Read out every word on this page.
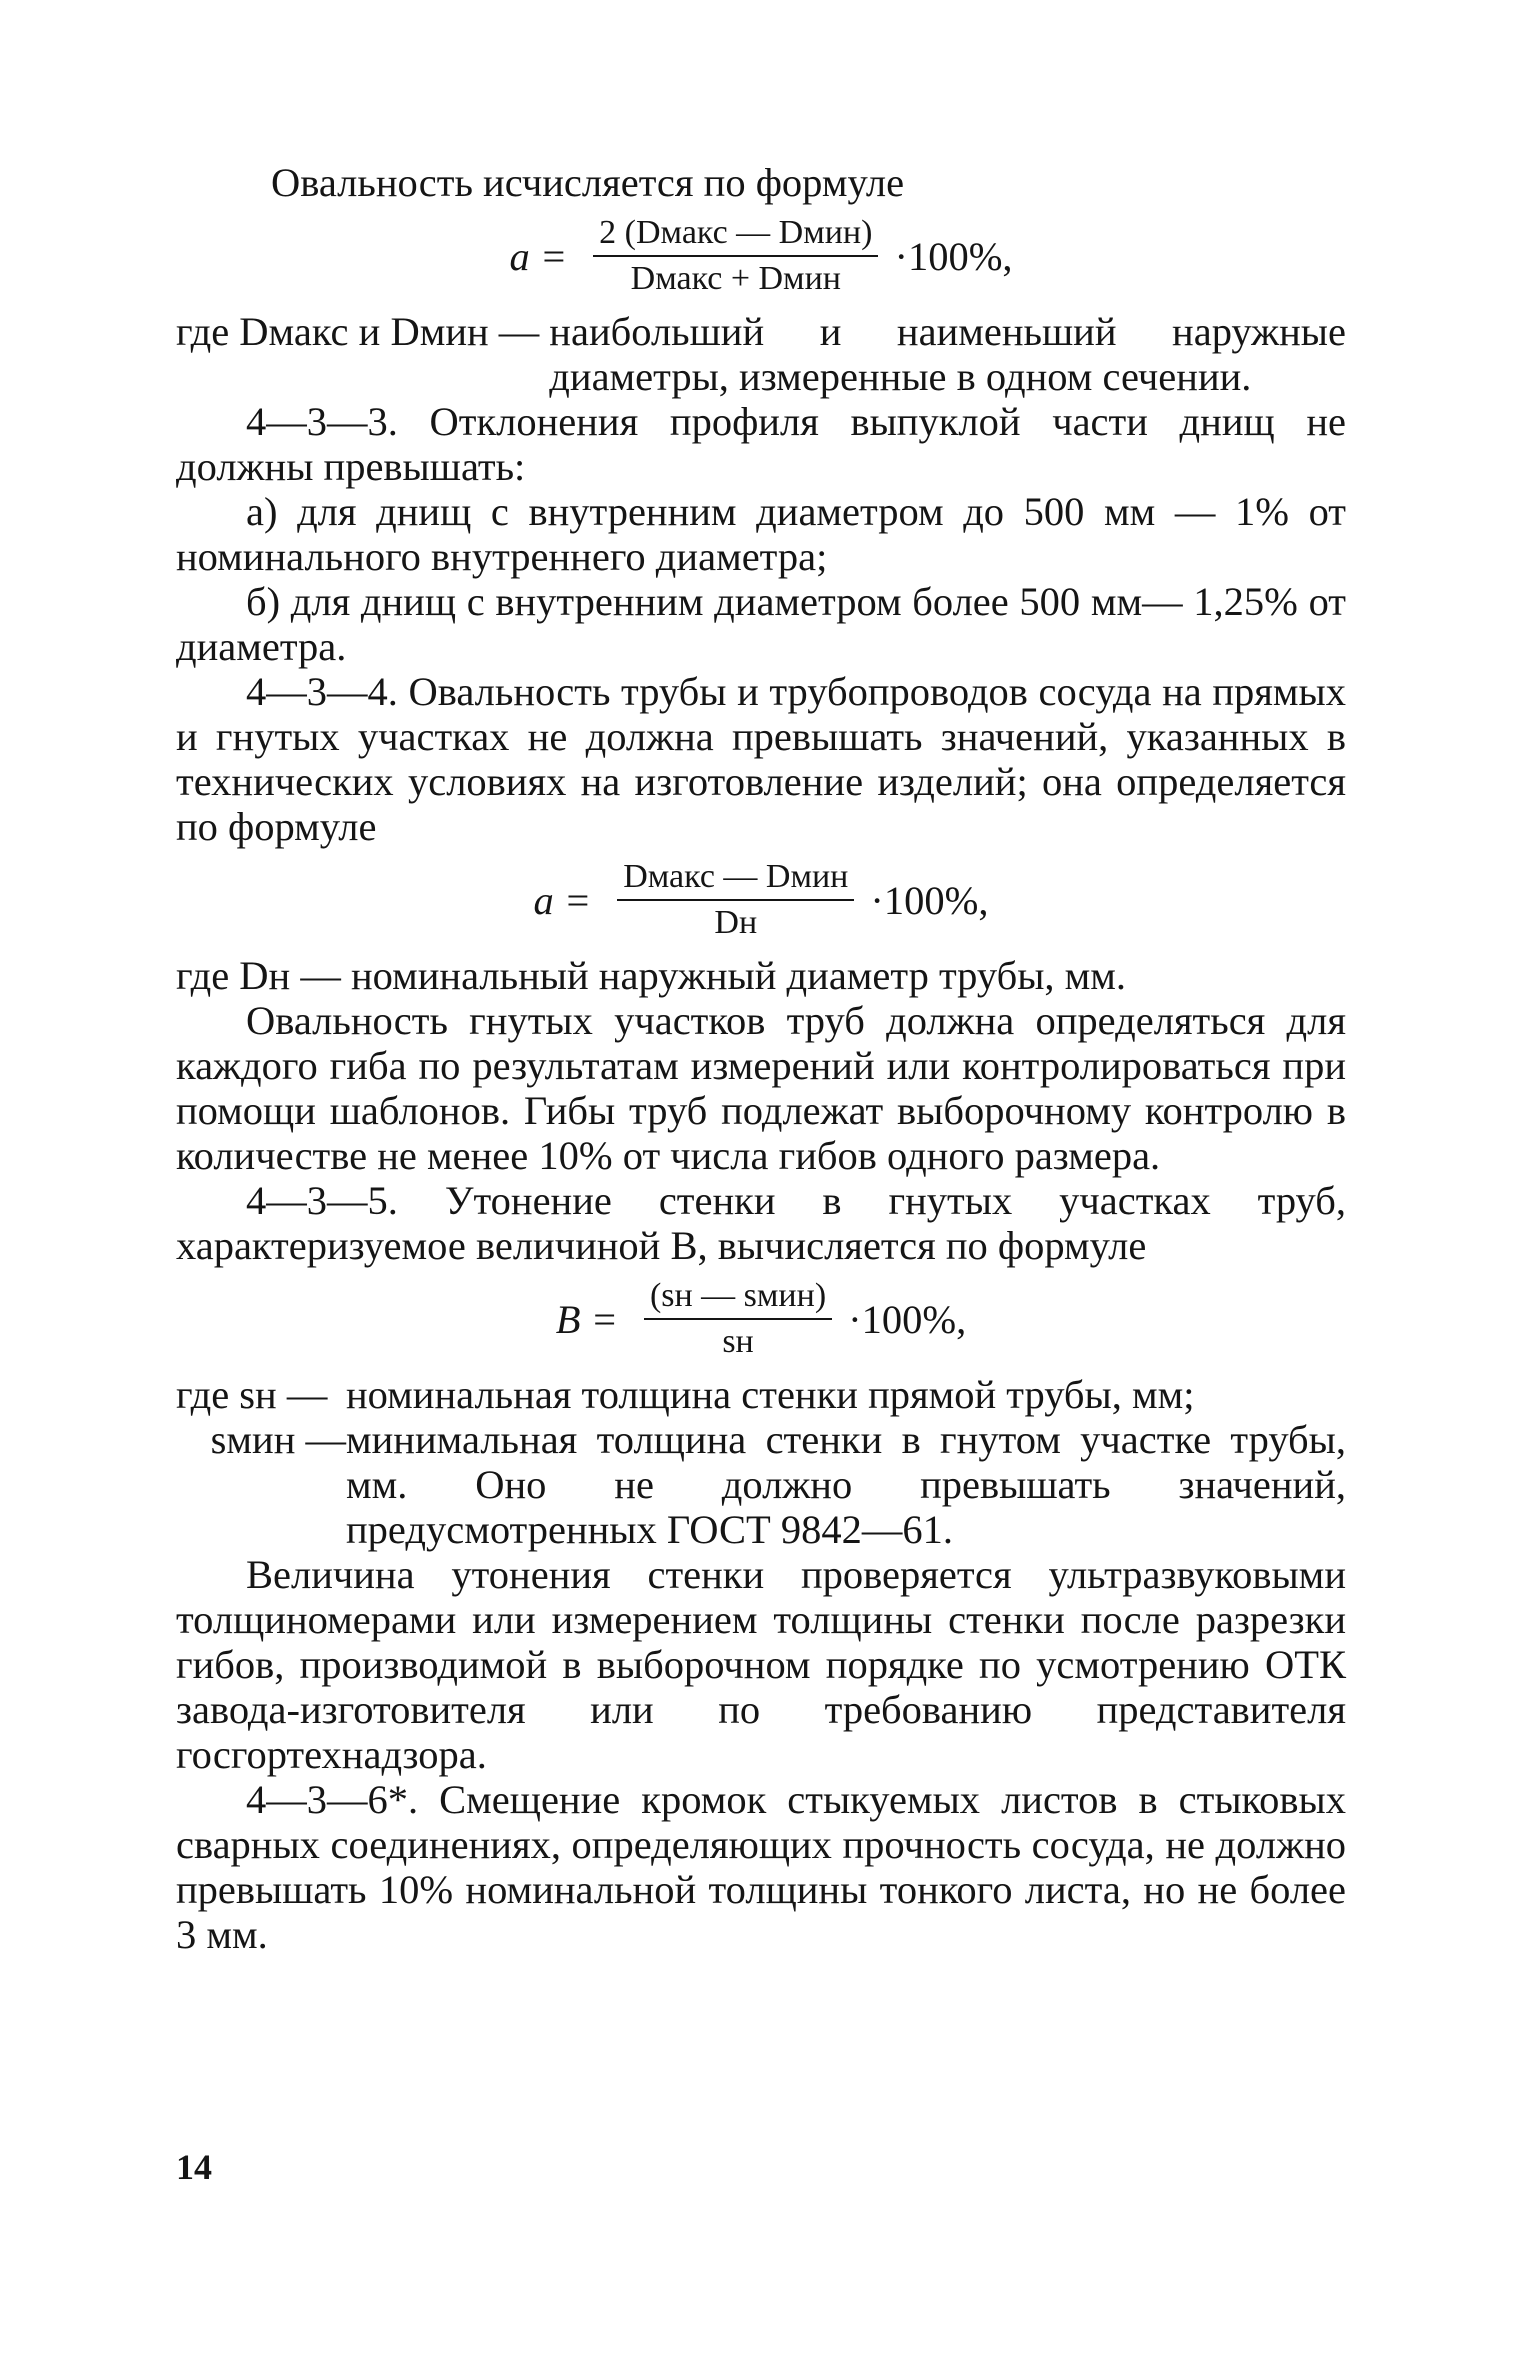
Овальность исчисляется по формуле

$a = \frac{\text{2 (Dмакс — Dмин)}}{\text{Dмакс + Dмин}} \cdot 100\%$,
где Dмакс и Dмин — наибольший и наименьший наружные диаметры, измеренные в одном сечении.

4—3—3. Отклонения профиля выпуклой части днищ не должны превышать:

а) для днищ с внутренним диаметром до 500 мм — 1% от номинального внутреннего диаметра;

б) для днищ с внутренним диаметром более 500 мм— 1,25% от диаметра.

4—3—4. Овальность трубы и трубопроводов сосуда на прямых и гнутых участках не должна превышать значений, указанных в технических условиях на изготовление изделий; она определяется по формуле

$a = \frac{\text{Dмакс — Dмин}}{Dн} \cdot 100\%$,

где Dн — номинальный наружный диаметр трубы, мм.

Овальность гнутых участков труб должна определяться для каждого гиба по результатам измерений или контролироваться при помощи шаблонов. Гибы труб подлежат выборочному контролю в количестве не менее 10% от числа гибов одного размера.

4—3—5. Утонение стенки в гнутых участках труб, характеризуемое величиной B, вычисляется по формуле

$B = \frac{\text{(sн — sмин)}}{sн} \cdot 100\%$,
где sн — номинальная толщина стенки прямой трубы, мм;
sмин — минимальная толщина стенки в гнутом участке трубы, мм. Оно не должно превышать значений, предусмотренных ГОСТ 9842—61.

Величина утонения стенки проверяется ультразвуковыми толщиномерами или измерением толщины стенки после разрезки гибов, производимой в выборочном порядке по усмотрению ОТК завода-изготовителя или по требованию представителя госгортехнадзора.

4—3—6*. Смещение кромок стыкуемых листов в стыковых сварных соединениях, определяющих прочность сосуда, не должно превышать 10% номинальной толщины тонкого листа, но не более 3 мм.

14
